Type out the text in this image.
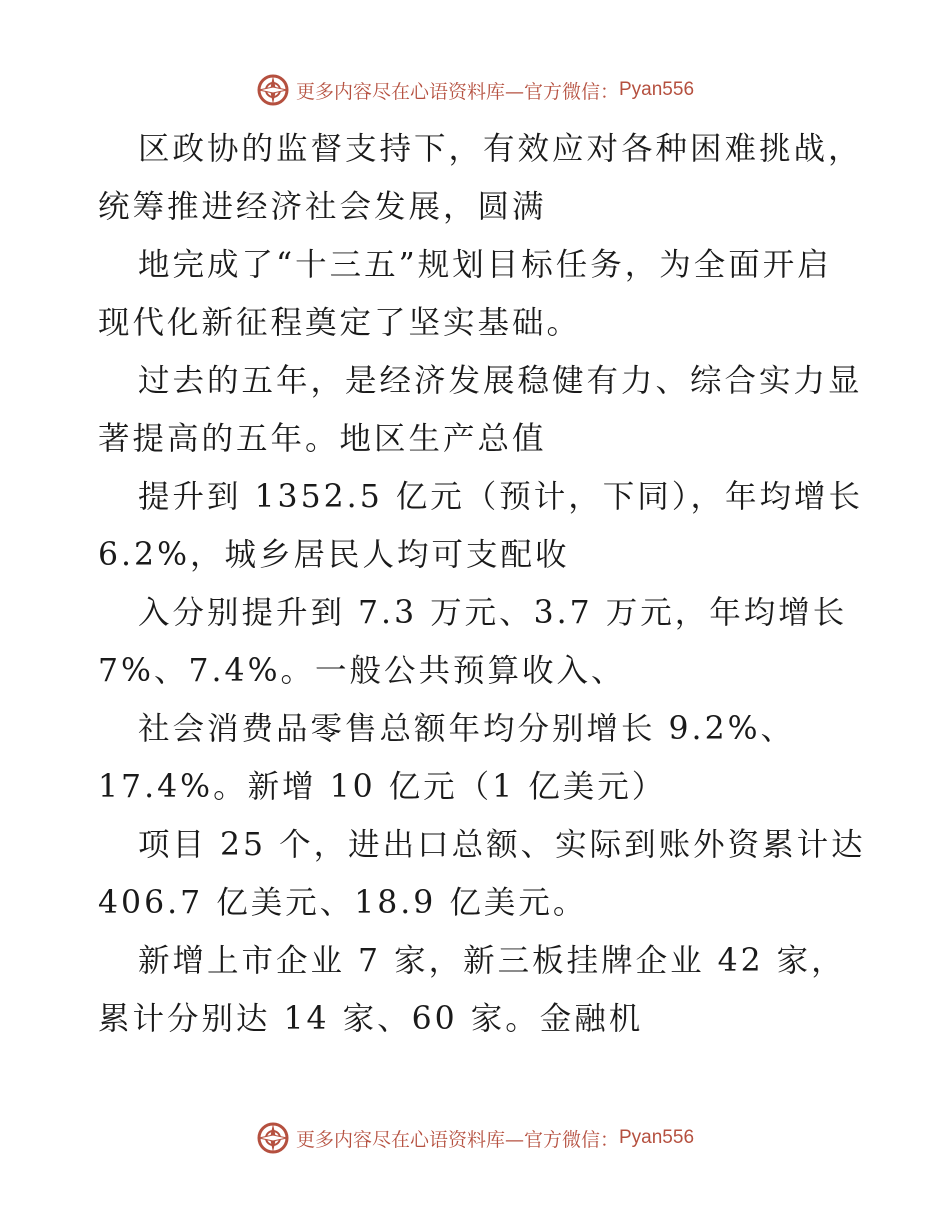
更多内容尽在心语资料库—官方微信： Pyan556
区政协的监督支持下，有效应对各种困难挑战，
统筹推进经济社会发展，圆满
地完成了“十三五”规划目标任务，为全面开启
现代化新征程奠定了坚实基础。
过去的五年，是经济发展稳健有力、综合实力显
著提高的五年。地区生产总值
提升到 1352.5 亿元（预计，下同），年均增长
6.2%，城乡居民人均可支配收
入分别提升到 7.3 万元、3.7 万元，年均增长
7%、7.4%。一般公共预算收入、
社会消费品零售总额年均分别增长 9.2%、
17.4%。新增 10 亿元（1 亿美元）
项目 25 个，进出口总额、实际到账外资累计达
406.7 亿美元、18.9 亿美元。
新增上市企业 7 家，新三板挂牌企业 42 家，
累计分别达 14 家、60 家。金融机
更多内容尽在心语资料库—官方微信： Pyan556
